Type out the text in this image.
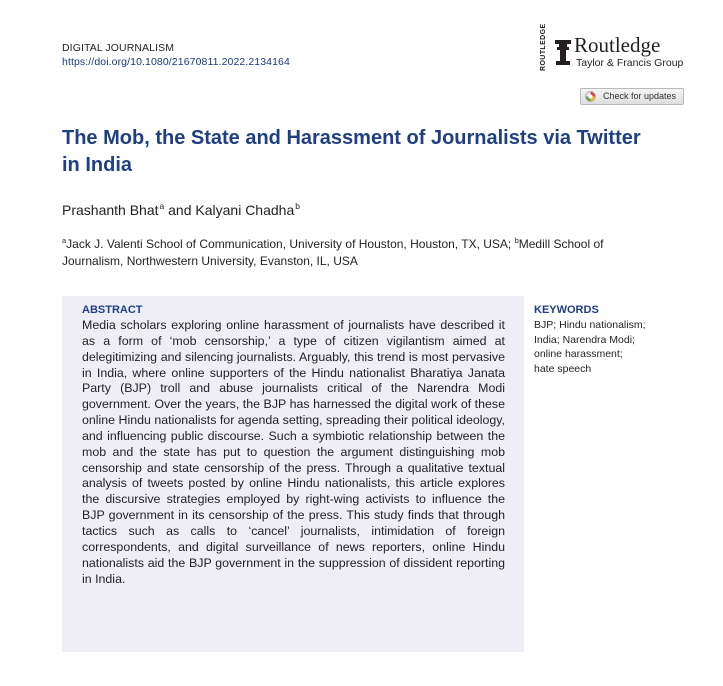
DIGITAL JOURNALISM
https://doi.org/10.1080/21670811.2022.2134164	ROUTLEDGE Routledge
Taylor & Francis Group
Check for updates
The Mob, the State and Harassment of Journalists via Twitter in India
Prashanth Bhat$^a$ and Kalyani Chadha$^b$
$^a$Jack J. Valenti School of Communication, University of Houston, Houston, TX, USA; $^b$Medill School of Journalism, Northwestern University, Evanston, IL, USA
ABSTRACT
Media scholars exploring online harassment of journalists have described it as a form of ‘mob censorship,’ a type of citizen vigilantism aimed at delegitimizing and silencing journalists. Arguably, this trend is most pervasive in India, where online supporters of the Hindu nationalist Bharatiya Janata Party (BJP) troll and abuse journalists critical of the Narendra Modi government. Over the years, the BJP has harnessed the digital work of these online Hindu nationalists for agenda setting, spreading their political ideology, and influencing public discourse. Such a symbiotic relationship between the mob and the state has put to question the argument distinguishing mob censorship and state censorship of the press. Through a qualitative textual analysis of tweets posted by online Hindu nationalists, this article explores the discursive strategies employed by right-wing activists to influence the BJP government in its censorship of the press. This study finds that through tactics such as calls to ‘cancel’ journalists, intimidation of foreign correspondents, and digital surveillance of news reporters, online Hindu nationalists aid the BJP government in the suppression of dissident reporting in India.
KEYWORDS
BJP; Hindu nationalism;
India; Narendra Modi;
online harassment;
hate speech
